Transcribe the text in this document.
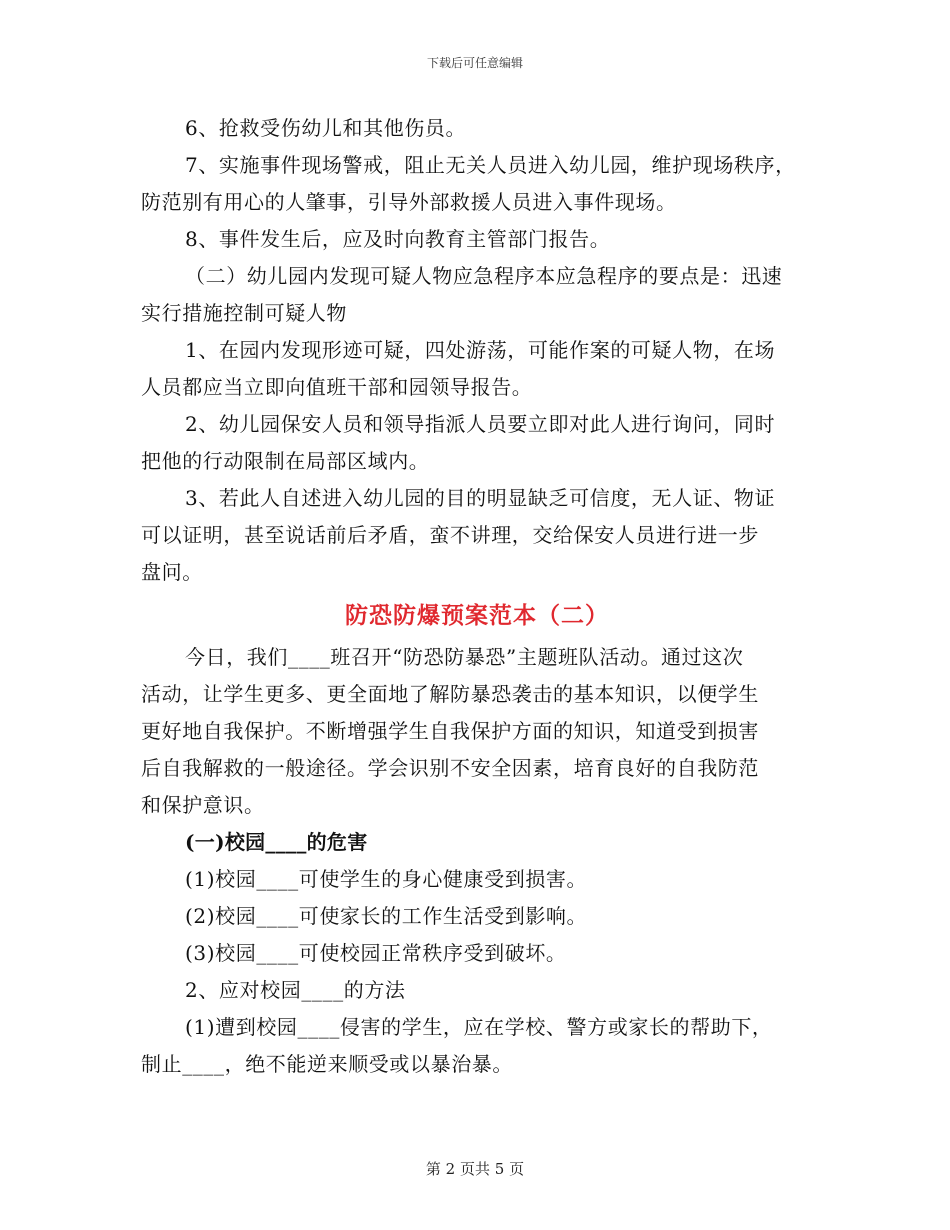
下载后可任意编辑
6、抢救受伤幼儿和其他伤员。
7、实施事件现场警戒，阻止无关人员进入幼儿园，维护现场秩序，
防范别有用心的人肇事，引导外部救援人员进入事件现场。
8、事件发生后，应及时向教育主管部门报告。
（二）幼儿园内发现可疑人物应急程序本应急程序的要点是：迅速
实行措施控制可疑人物
1、在园内发现形迹可疑，四处游荡，可能作案的可疑人物，在场
人员都应当立即向值班干部和园领导报告。
2、幼儿园保安人员和领导指派人员要立即对此人进行询问，同时
把他的行动限制在局部区域内。
3、若此人自述进入幼儿园的目的明显缺乏可信度，无人证、物证
可以证明，甚至说话前后矛盾，蛮不讲理，交给保安人员进行进一步
盘问。
防恐防爆预案范本（二）
今日，我们____班召开“防恐防暴恐”主题班队活动。通过这次
活动，让学生更多、更全面地了解防暴恐袭击的基本知识，以便学生
更好地自我保护。不断增强学生自我保护方面的知识，知道受到损害
后自我解救的一般途径。学会识别不安全因素，培育良好的自我防范
和保护意识。
(一)校园____的危害
(1)校园____可使学生的身心健康受到损害。
(2)校园____可使家长的工作生活受到影响。
(3)校园____可使校园正常秩序受到破坏。
2、应对校园____的方法
(1)遭到校园____侵害的学生，应在学校、警方或家长的帮助下，
制止____，绝不能逆来顺受或以暴治暴。
第 2 页共 5 页
